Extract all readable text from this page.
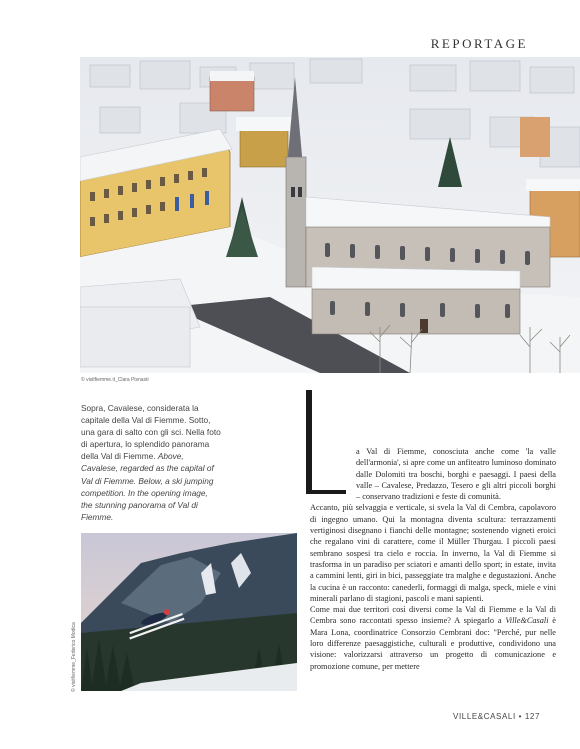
REPORTAGE
© visitfiemme.it_Clara Pisnasti
Sopra, Cavalese, considerata la capitale della Val di Fiemme. Sotto, una gara di salto con gli sci. Nella foto di apertura, lo splendido panorama della Val di Fiemme. Above, Cavalese, regarded as the capital of Val di Fiemme. Below, a ski jumping competition. In the opening image, the stunning panorama of Val di Fiemme.
© visitfiemme_Federico Modica
L
a Val di Fiemme, conosciuta anche come 'la valle dell'armonia', si apre come un anfiteatro luminoso dominato dalle Dolomiti tra boschi, borghi e paesaggi. I paesi della valle – Cavalese, Predazzo, Tesero e gli altri piccoli borghi – conservano tradizioni e feste di comunità.

Accanto, più selvaggia e verticale, si svela la Val di Cembra, capolavoro di ingegno umano. Qui la montagna diventa scultura: terrazzamenti vertiginosi disegnano i fianchi delle montagne; sostenendo vigneti eroici che regalano vini di carattere, come il Müller Thurgau. I piccoli paesi sembrano sospesi tra cielo e roccia. In inverno, la Val di Fiemme si trasforma in un paradiso per sciatori e amanti dello sport; in estate, invita a cammini lenti, giri in bici, passeggiate tra malghe e degustazioni. Anche la cucina è un racconto: canederli, formaggi di malga, speck, miele e vini minerali parlano di stagioni, pascoli e mani sapienti.

Come mai due territori così diversi come la Val di Fiemme e la Val di Cembra sono raccontati spesso insieme? A spiegarlo a Ville&Casali è Mara Lona, coordinatrice Consorzio Cembrani doc: "Perché, pur nelle loro differenze paesaggistiche, culturali e produttive, condividono una visione: valorizzarsi attraverso un progetto di comunicazione e promozione comune, per mettere

VILLE&CASALI • 127
